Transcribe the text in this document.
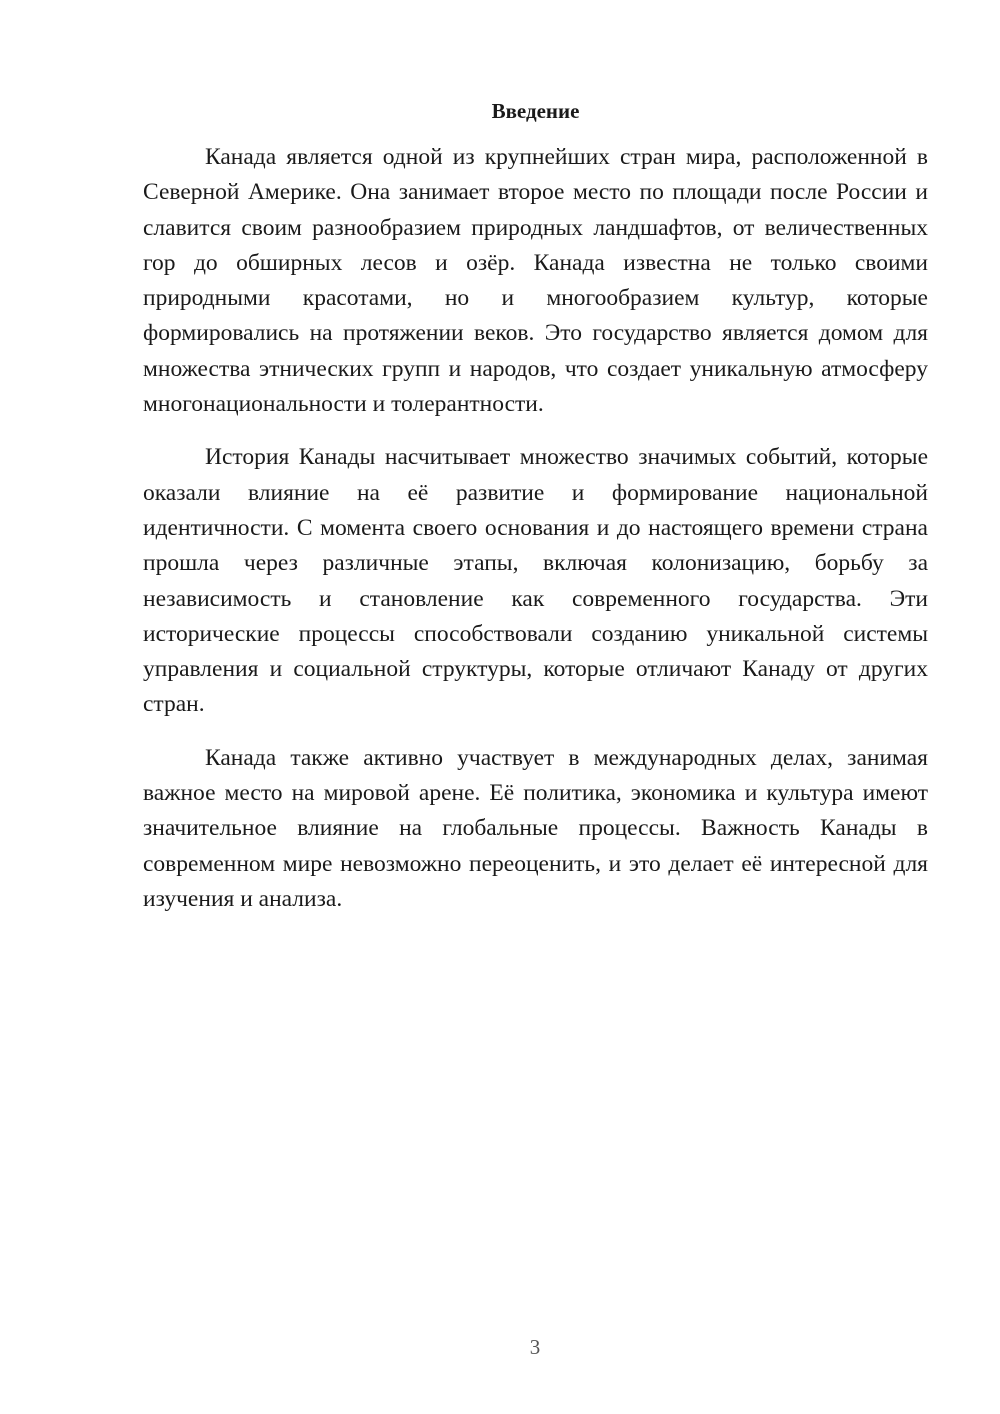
Введение

Канада является одной из крупнейших стран мира, расположенной в Северной Америке. Она занимает второе место по площади после России и славится своим разнообразием природных ландшафтов, от величественных гор до обширных лесов и озёр. Канада известна не только своими природными красотами, но и многообразием культур, которые формировались на протяжении веков. Это государство является домом для множества этнических групп и народов, что создает уникальную атмосферу многонациональности и толерантности.

История Канады насчитывает множество значимых событий, которые оказали влияние на её развитие и формирование национальной идентичности. С момента своего основания и до настоящего времени страна прошла через различные этапы, включая колонизацию, борьбу за независимость и становление как современного государства. Эти исторические процессы способствовали созданию уникальной системы управления и социальной структуры, которые отличают Канаду от других стран.

Канада также активно участвует в международных делах, занимая важное место на мировой арене. Её политика, экономика и культура имеют значительное влияние на глобальные процессы. Важность Канады в современном мире невозможно переоценить, и это делает её интересной для изучения и анализа.

3
